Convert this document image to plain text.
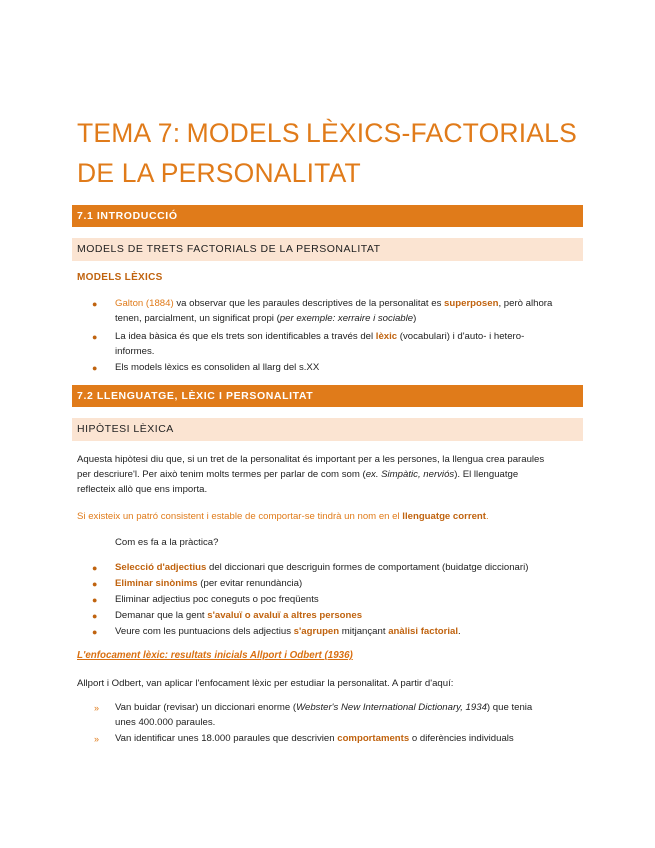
TEMA 7: MODELS LÈXICS-FACTORIALS
DE LA PERSONALITAT
7.1 INTRODUCCIÓ
MODELS DE TRETS FACTORIALS DE LA PERSONALITAT
MODELS LÈXICS
● Galton (1884) va observar que les paraules descriptives de la personalitat es superposen, però alhora
tenen, parcialment, un significat propi (per exemple: xerraire i sociable)
● La idea bàsica és que els trets son identificables a través del lèxic (vocabulari) i d'auto- i hetero-
informes.
● Els models lèxics es consoliden al llarg del s.XX
7.2 LLENGUATGE, LÈXIC I PERSONALITAT
HIPÒTESI LÈXICA
Aquesta hipòtesi diu que, si un tret de la personalitat és important per a les persones, la llengua crea paraules
per descriure'l. Per això tenim molts termes per parlar de com som (ex. Simpàtic, nerviós). El llenguatge
reflecteix allò que ens importa.
Si existeix un patró consistent i estable de comportar-se tindrà un nom en el llenguatge corrent.
Com es fa a la pràctica?
● Selecció d'adjectius del diccionari que descriguin formes de comportament (buidatge diccionari)
● Eliminar sinònims (per evitar renundància)
● Eliminar adjectius poc coneguts o poc freqüents
● Demanar que la gent s'avaluï o avaluï a altres persones
● Veure com les puntuacions dels adjectius s'agrupen mitjançant anàlisi factorial.
L'enfocament lèxic: resultats inicials Allport i Odbert (1936)
Allport i Odbert, van aplicar l'enfocament lèxic per estudiar la personalitat. A partir d'aquí:
» Van buidar (revisar) un diccionari enorme (Webster's New International Dictionary, 1934) que tenia
unes 400.000 paraules.
» Van identificar unes 18.000 paraules que descrivien comportaments o diferències individuals
